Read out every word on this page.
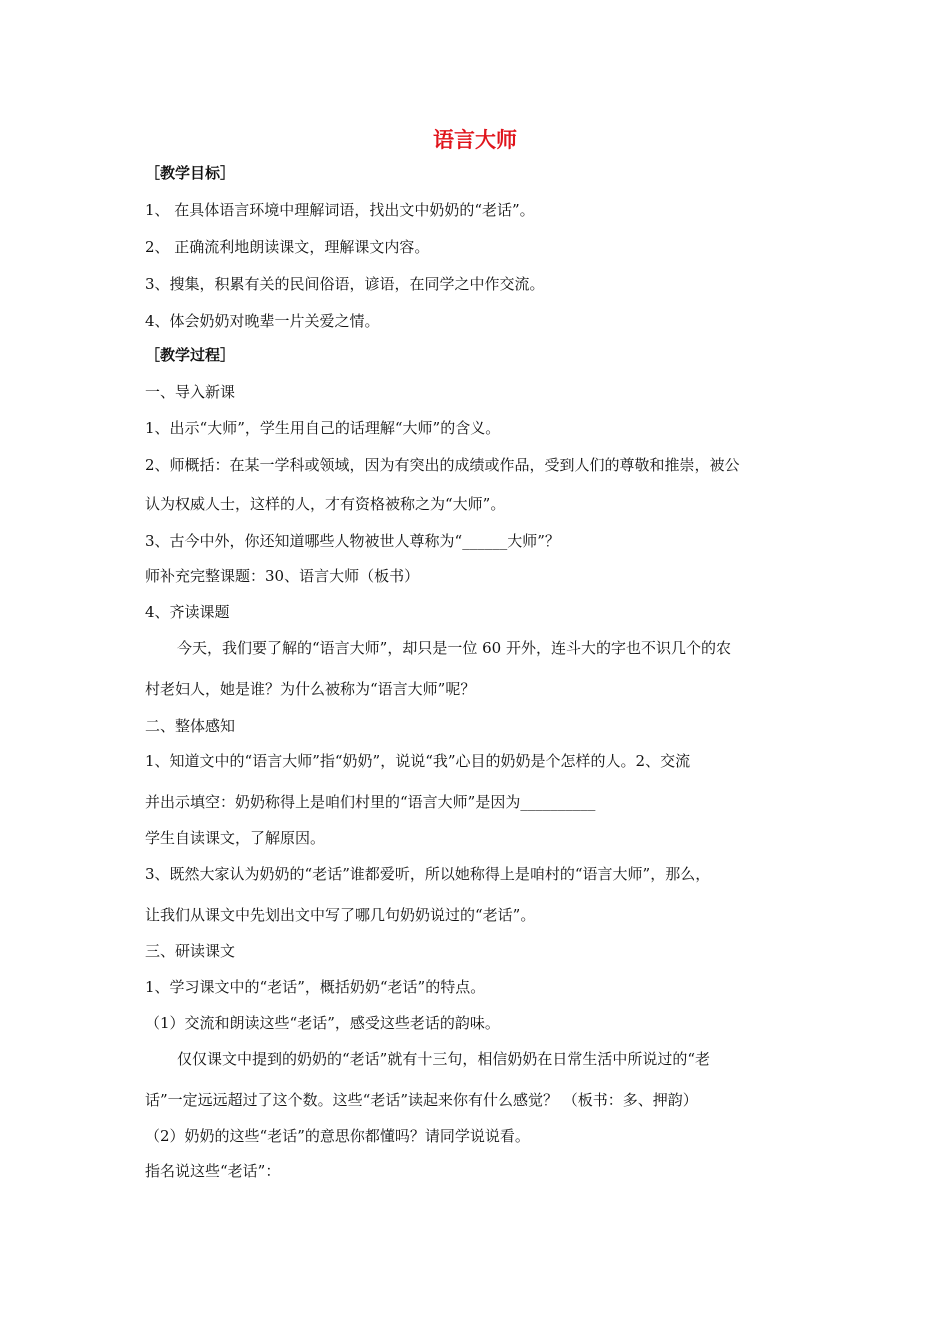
语言大师
［教学目标］
1、 在具体语言环境中理解词语，找出文中奶奶的“老话”。
2、 正确流利地朗读课文，理解课文内容。
3、搜集，积累有关的民间俗语，谚语，在同学之中作交流。
4、体会奶奶对晚辈一片关爱之情。
［教学过程］
一、导入新课
1、出示“大师”，学生用自己的话理解“大师”的含义。
2、师概括：在某一学科或领域，因为有突出的成绩或作品，受到人们的尊敬和推崇，被公
认为权威人士，这样的人，才有资格被称之为“大师”。
3、古今中外，你还知道哪些人物被世人尊称为“______大师”？
师补充完整课题：30、语言大师（板书）
4、齐读课题
今天，我们要了解的“语言大师”，却只是一位 60 开外，连斗大的字也不识几个的农
村老妇人，她是谁？为什么被称为“语言大师”呢？
二、整体感知
1、知道文中的“语言大师”指“奶奶”，说说“我”心目的奶奶是个怎样的人。2、交流
并出示填空：奶奶称得上是咱们村里的“语言大师”是因为__________
学生自读课文，了解原因。
3、既然大家认为奶奶的“老话”谁都爱听，所以她称得上是咱村的“语言大师”，那么，
让我们从课文中先划出文中写了哪几句奶奶说过的“老话”。
三、研读课文
1、学习课文中的“老话”，概括奶奶“老话”的特点。
（1）交流和朗读这些“老话”，感受这些老话的韵味。
仅仅课文中提到的奶奶的“老话”就有十三句，相信奶奶在日常生活中所说过的“老
话”一定远远超过了这个数。这些“老话”读起来你有什么感觉？ （板书：多、押韵）
（2）奶奶的这些“老话”的意思你都懂吗？请同学说说看。
指名说这些“老话”：
